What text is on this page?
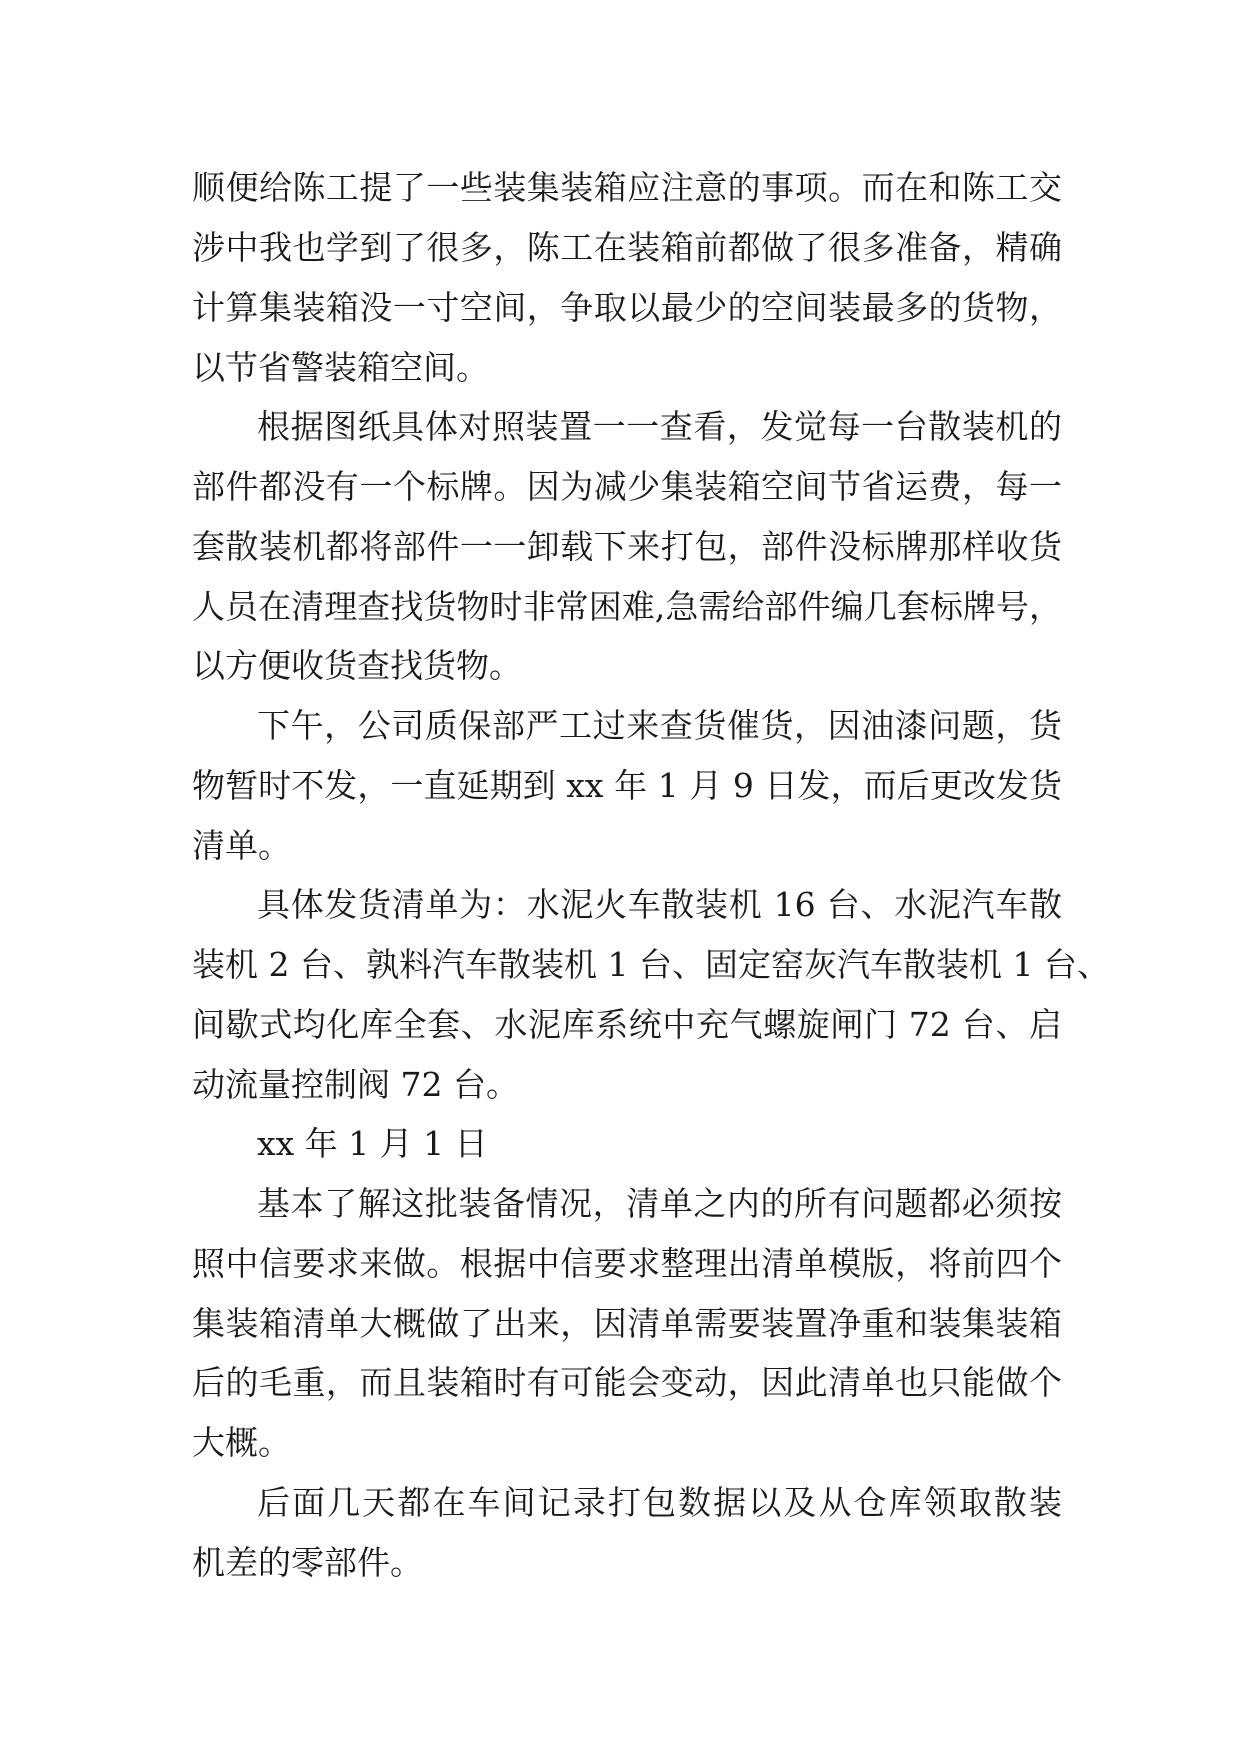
顺便给陈工提了一些装集装箱应注意的事项。而在和陈工交
涉中我也学到了很多，陈工在装箱前都做了很多准备，精确
计算集装箱没一寸空间，争取以最少的空间装最多的货物，
以节省警装箱空间。
根据图纸具体对照装置一一查看，发觉每一台散装机的
部件都没有一个标牌。因为减少集装箱空间节省运费，每一
套散装机都将部件一一卸载下来打包，部件没标牌那样收货
人员在清理查找货物时非常困难,急需给部件编几套标牌号，
以方便收货查找货物。
下午，公司质保部严工过来查货催货，因油漆问题，货
物暂时不发，一直延期到 xx 年 1 月 9 日发，而后更改发货
清单。
具体发货清单为：水泥火车散装机 16 台、水泥汽车散
装机 2 台、孰料汽车散装机 1 台、固定窑灰汽车散装机 1 台、
间歇式均化库全套、水泥库系统中充气螺旋闸门 72 台、启
动流量控制阀 72 台。
xx 年 1 月 1 日
基本了解这批装备情况，清单之内的所有问题都必须按
照中信要求来做。根据中信要求整理出清单模版，将前四个
集装箱清单大概做了出来，因清单需要装置净重和装集装箱
后的毛重，而且装箱时有可能会变动，因此清单也只能做个
大概。
后面几天都在车间记录打包数据以及从仓库领取散装
机差的零部件。
